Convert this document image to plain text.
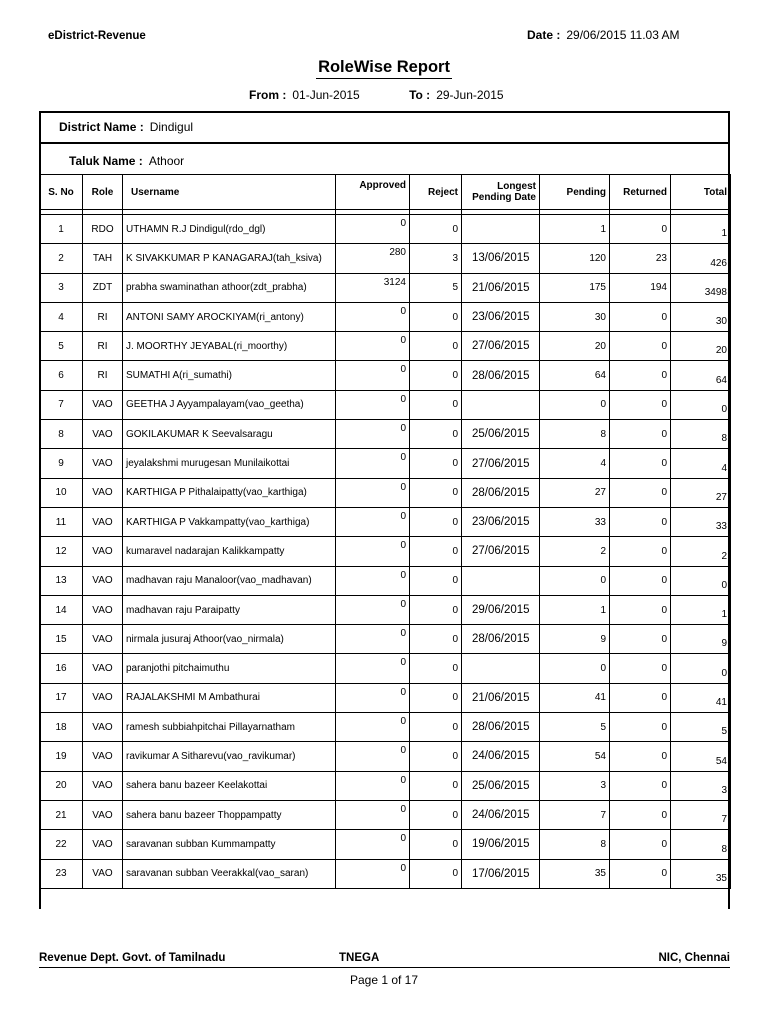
eDistrict-Revenue	Date : 29/06/2015 11.03 AM
RoleWise Report
From : 01-Jun-2015	To : 29-Jun-2015
District Name : Dindigul
Taluk Name : Athoor
S. No	Role	Username	Approved	Reject	Longest
Pending Date	Pending	Returned	Total

1	RDO	UTHAMN R.J Dindigul(rdo_dgl)	0	0		1	0	1
2	TAH	K SIVAKKUMAR P KANAGARAJ(tah_ksiva)	280	3	13/06/2015	120	23	426
3	ZDT	prabha swaminathan athoor(zdt_prabha)	3124	5	21/06/2015	175	194	3498
4	RI	ANTONI SAMY AROCKIYAM(ri_antony)	0	0	23/06/2015	30	0	30
5	RI	J. MOORTHY JEYABAL(ri_moorthy)	0	0	27/06/2015	20	0	20
6	RI	SUMATHI A(ri_sumathi)	0	0	28/06/2015	64	0	64
7	VAO	GEETHA J Ayyampalayam(vao_geetha)	0	0		0	0	0
8	VAO	GOKILAKUMAR K Seevalsaragu	0	0	25/06/2015	8	0	8
9	VAO	jeyalakshmi murugesan Munilaikottai	0	0	27/06/2015	4	0	4
10	VAO	KARTHIGA P Pithalaipatty(vao_karthiga)	0	0	28/06/2015	27	0	27
11	VAO	KARTHIGA P Vakkampatty(vao_karthiga)	0	0	23/06/2015	33	0	33
12	VAO	kumaravel nadarajan Kalikkampatty	0	0	27/06/2015	2	0	2
13	VAO	madhavan raju Manaloor(vao_madhavan)	0	0		0	0	0
14	VAO	madhavan raju Paraipatty	0	0	29/06/2015	1	0	1
15	VAO	nirmala jusuraj Athoor(vao_nirmala)	0	0	28/06/2015	9	0	9
16	VAO	paranjothi pitchaimuthu	0	0		0	0	0
17	VAO	RAJALAKSHMI M Ambathurai	0	0	21/06/2015	41	0	41
18	VAO	ramesh subbiahpitchai Pillayarnatham	0	0	28/06/2015	5	0	5
19	VAO	ravikumar A Sitharevu(vao_ravikumar)	0	0	24/06/2015	54	0	54
20	VAO	sahera banu bazeer Keelakottai	0	0	25/06/2015	3	0	3
21	VAO	sahera banu bazeer Thoppampatty	0	0	24/06/2015	7	0	7
22	VAO	saravanan subban Kummampatty	0	0	19/06/2015	8	0	8
23	VAO	saravanan subban Veerakkal(vao_saran)	0	0	17/06/2015	35	0	35
Revenue Dept. Govt. of Tamilnadu	TNEGA	NIC, Chennai
Page 1 of 17
